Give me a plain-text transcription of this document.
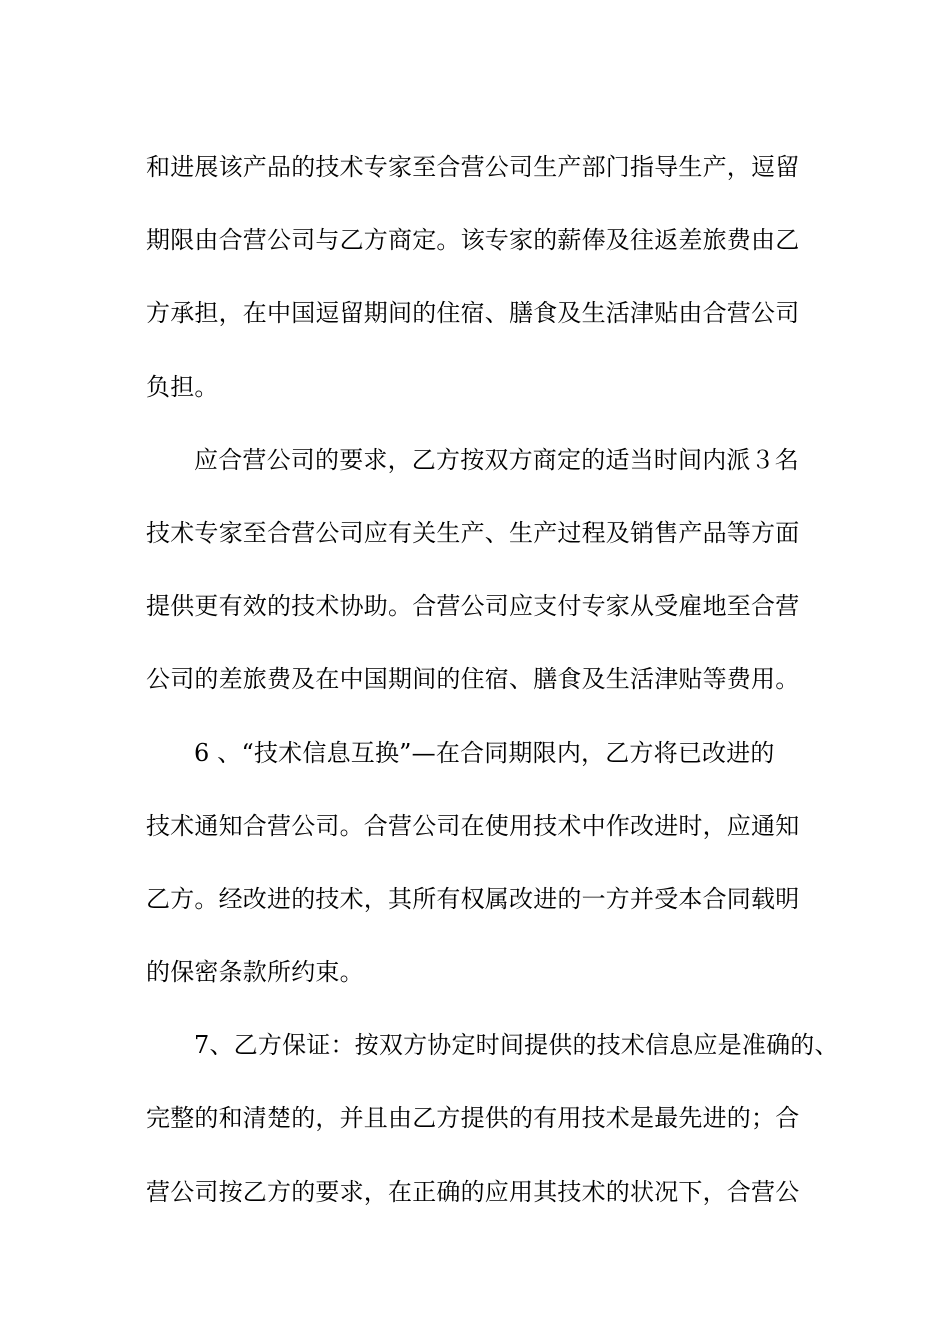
和进展该产品的技术专家至合营公司生产部门指导生产，逗留
期限由合营公司与乙方商定。该专家的薪俸及往返差旅费由乙
方承担，在中国逗留期间的住宿、膳食及生活津贴由合营公司
负担。
应合营公司的要求，乙方按双方商定的适当时间内派３名
技术专家至合营公司应有关生产、生产过程及销售产品等方面
提供更有效的技术协助。合营公司应支付专家从受雇地至合营
公司的差旅费及在中国期间的住宿、膳食及生活津贴等费用。
6 、“技术信息互换”—在合同期限内，乙方将已改进的
技术通知合营公司。合营公司在使用技术中作改进时，应通知
乙方。经改进的技术，其所有权属改进的一方并受本合同载明
的保密条款所约束。
7、乙方保证：按双方协定时间提供的技术信息应是准确的、
完整的和清楚的，并且由乙方提供的有用技术是最先进的；合
营公司按乙方的要求，在正确的应用其技术的状况下，合营公
